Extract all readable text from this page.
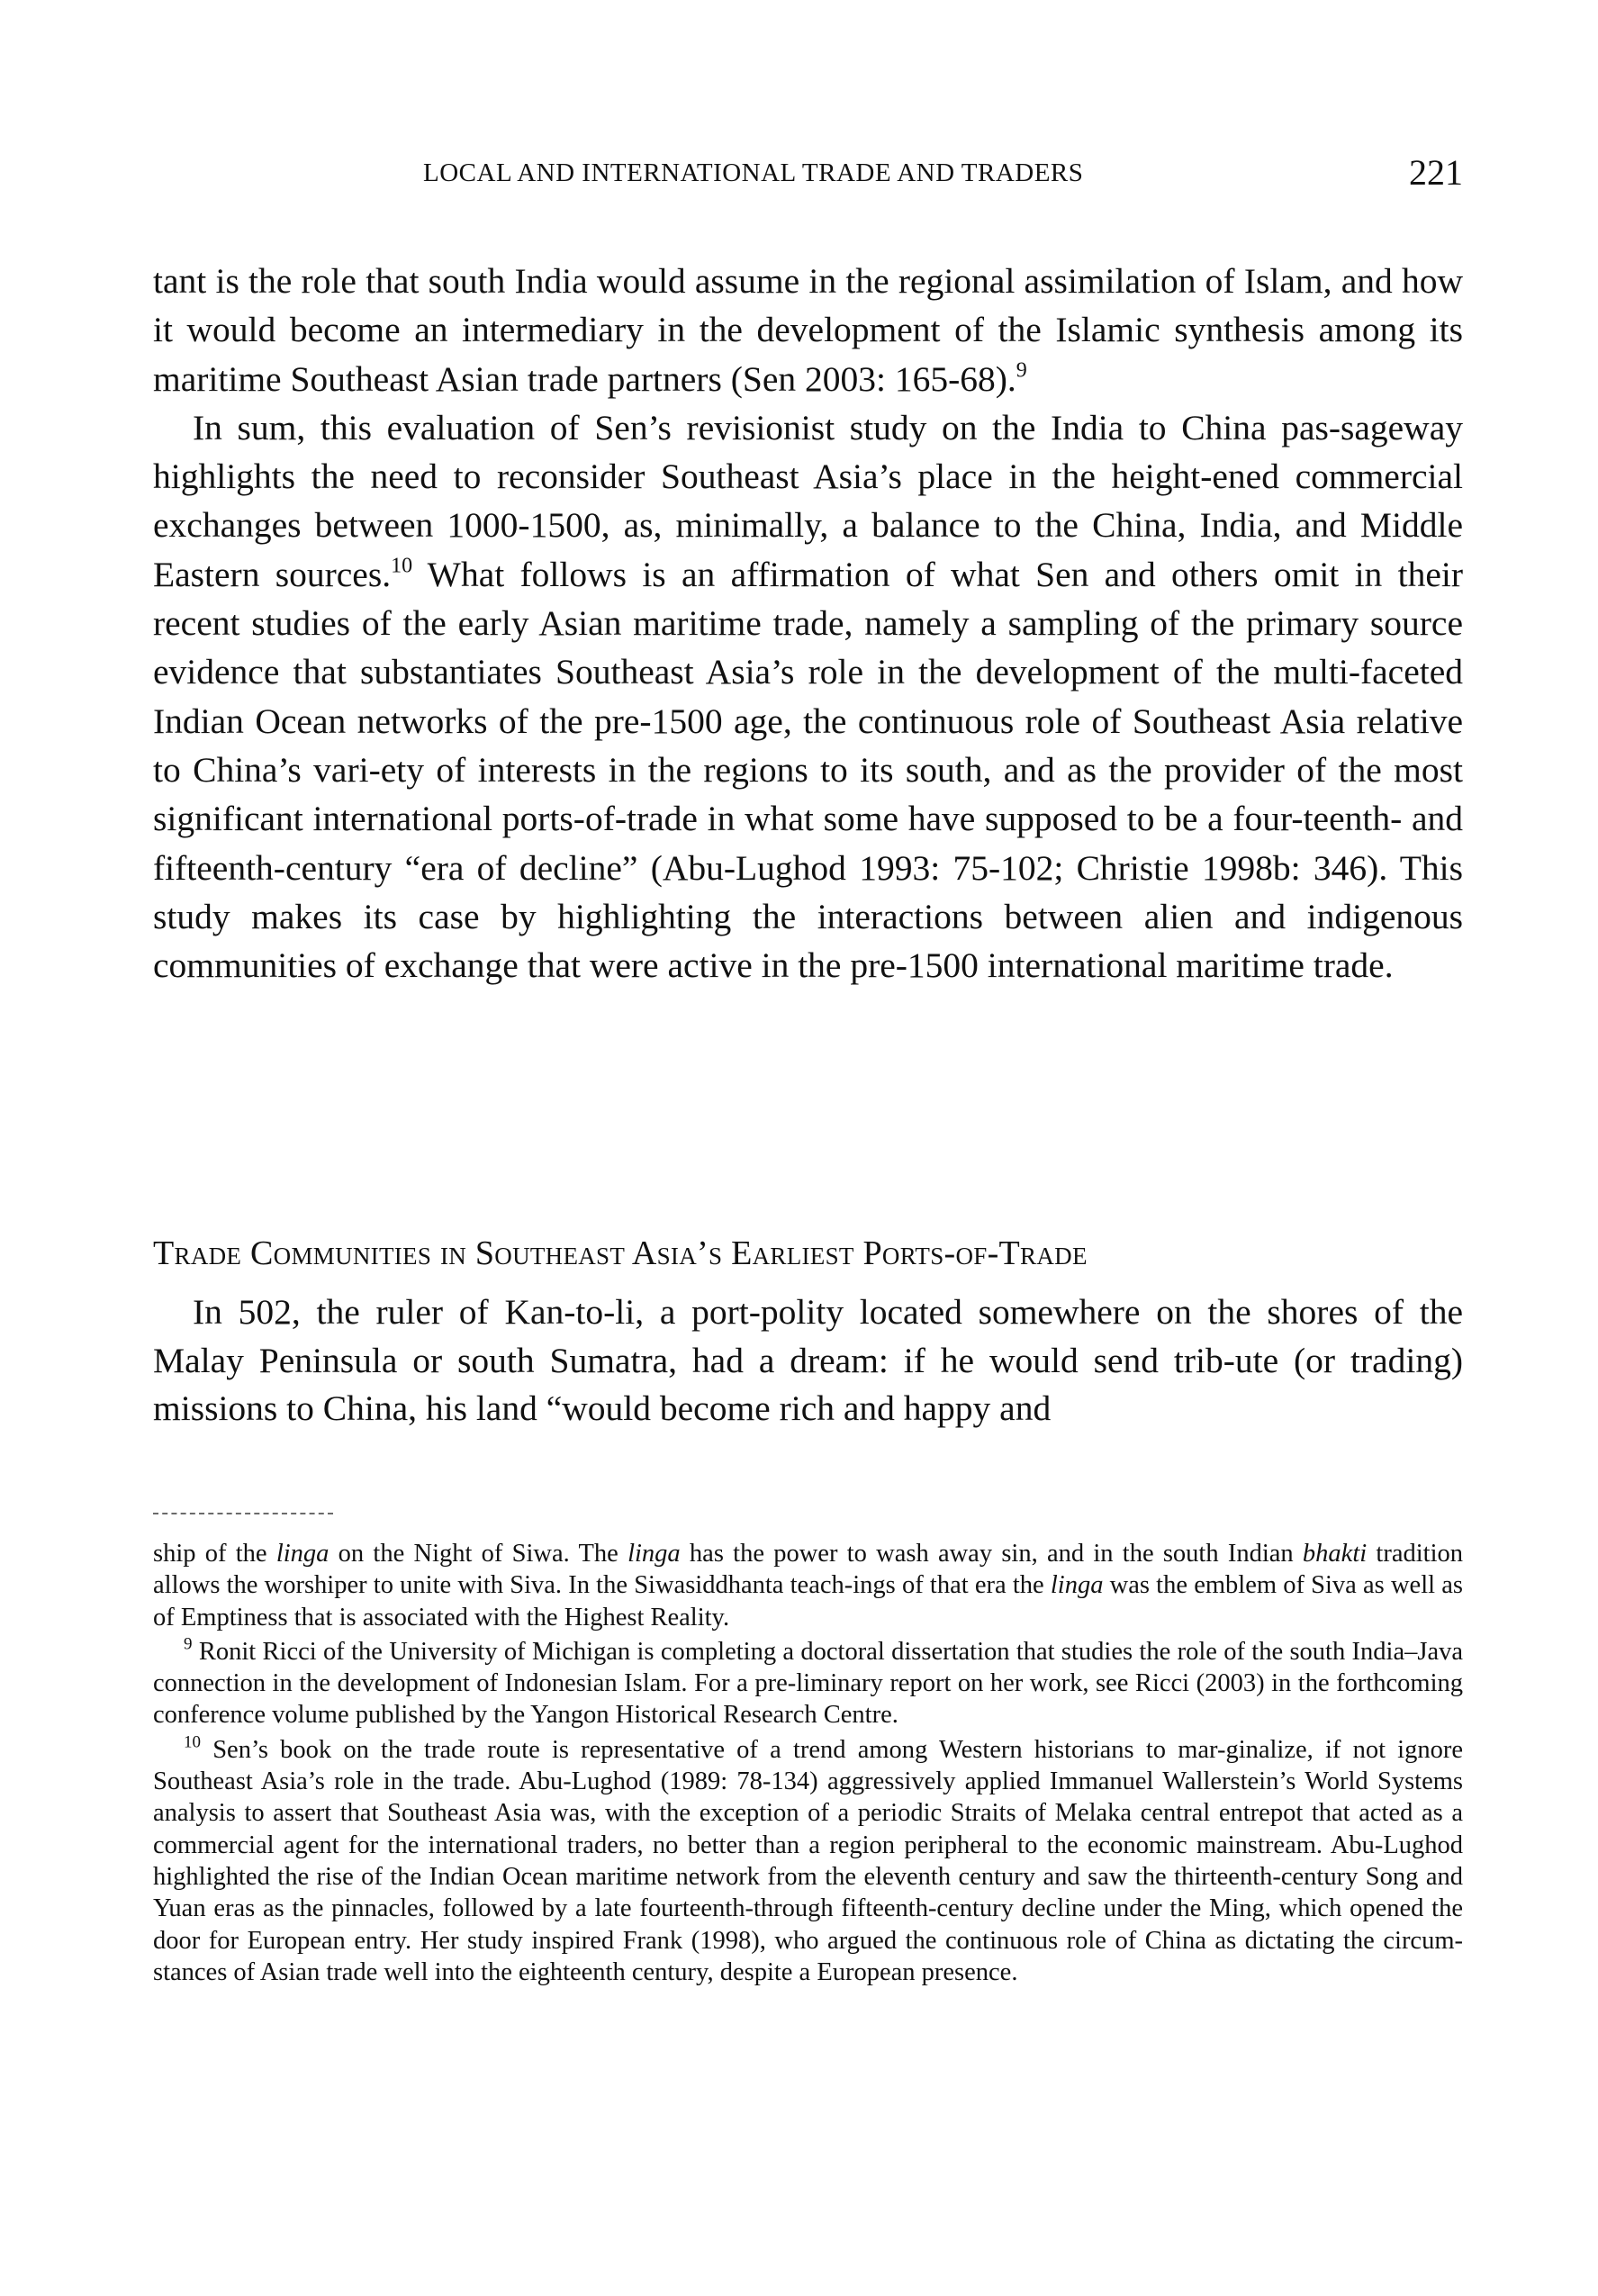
LOCAL AND INTERNATIONAL TRADE AND TRADERS	221

tant is the role that south India would assume in the regional assimilation of Islam, and how it would become an intermediary in the development of the Islamic synthesis among its maritime Southeast Asian trade partners (Sen 2003: 165-68).$^9$

In sum, this evaluation of Sen’s revisionist study on the India to China pas-sageway highlights the need to reconsider Southeast Asia’s place in the height-ened commercial exchanges between 1000-1500, as, minimally, a balance to the China, India, and Middle Eastern sources.$^{10}$ What follows is an affirmation of what Sen and others omit in their recent studies of the early Asian maritime trade, namely a sampling of the primary source evidence that substantiates Southeast Asia’s role in the development of the multi-faceted Indian Ocean networks of the pre-1500 age, the continuous role of Southeast Asia relative to China’s vari-ety of interests in the regions to its south, and as the provider of the most significant international ports-of-trade in what some have supposed to be a four-teenth- and fifteenth-century “era of decline” (Abu-Lughod 1993: 75-102; Christie 1998b: 346). This study makes its case by highlighting the interactions between alien and indigenous communities of exchange that were active in the pre-1500 international maritime trade.

Trade Communities in Southeast Asia’s Earliest Ports-of-Trade

In 502, the ruler of Kan-to-li, a port-polity located somewhere on the shores of the Malay Peninsula or south Sumatra, had a dream: if he would send trib-ute (or trading) missions to China, his land “would become rich and happy and

ship of the linga on the Night of Siwa. The linga has the power to wash away sin, and in the south Indian bhakti tradition allows the worshiper to unite with Siva. In the Siwasiddhanta teach-ings of that era the linga was the emblem of Siva as well as of Emptiness that is associated with the Highest Reality.

$^9$ Ronit Ricci of the University of Michigan is completing a doctoral dissertation that studies the role of the south India–Java connection in the development of Indonesian Islam. For a pre-liminary report on her work, see Ricci (2003) in the forthcoming conference volume published by the Yangon Historical Research Centre.

$^{10}$ Sen’s book on the trade route is representative of a trend among Western historians to mar-ginalize, if not ignore Southeast Asia’s role in the trade. Abu-Lughod (1989: 78-134) aggressively applied Immanuel Wallerstein’s World Systems analysis to assert that Southeast Asia was, with the exception of a periodic Straits of Melaka central entrepot that acted as a commercial agent for the international traders, no better than a region peripheral to the economic mainstream. Abu-Lughod highlighted the rise of the Indian Ocean maritime network from the eleventh century and saw the thirteenth-century Song and Yuan eras as the pinnacles, followed by a late fourteenth-through fifteenth-century decline under the Ming, which opened the door for European entry. Her study inspired Frank (1998), who argued the continuous role of China as dictating the circum-stances of Asian trade well into the eighteenth century, despite a European presence.
